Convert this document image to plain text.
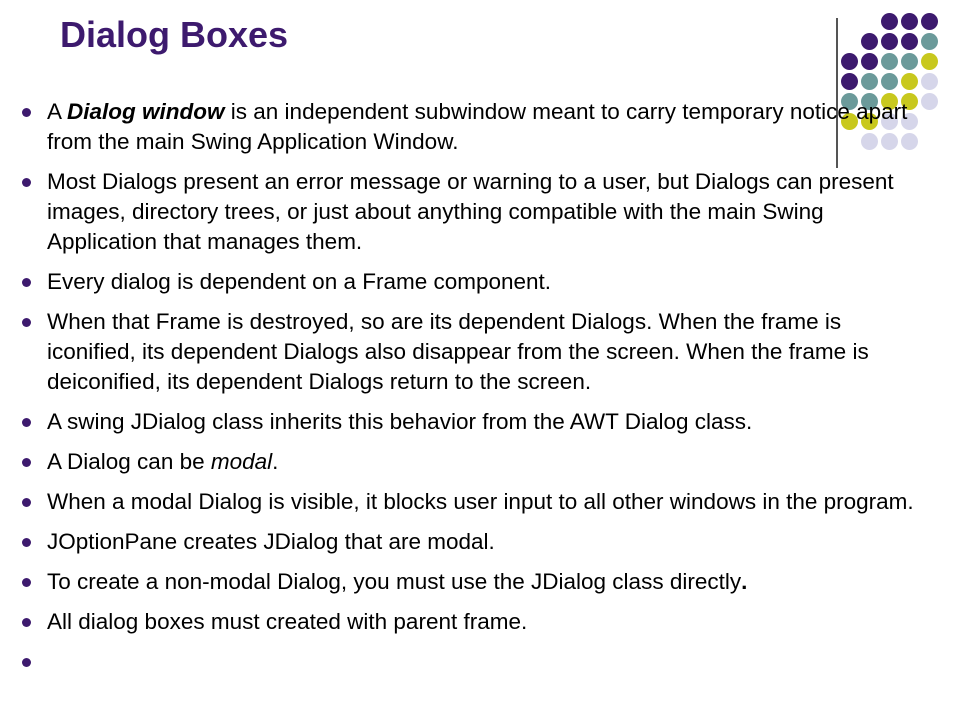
Dialog Boxes
A Dialog window is an independent subwindow meant to carry temporary notice apart from the main Swing Application Window.
Most Dialogs present an error message or warning to a user, but Dialogs can present images, directory trees, or just about anything compatible with the main Swing Application that manages them.
Every dialog is dependent on a Frame component.
When that Frame is destroyed, so are its dependent Dialogs. When the frame is iconified, its dependent Dialogs also disappear from the screen. When the frame is deiconified, its dependent Dialogs return to the screen.
A swing JDialog class inherits this behavior from the AWT Dialog class.
A Dialog can be modal.
When a modal Dialog is visible, it blocks user input to all other windows in the program.
JOptionPane creates JDialog that are modal.
To create a non-modal Dialog, you must use the JDialog class directly.
All dialog boxes must created with parent frame.
